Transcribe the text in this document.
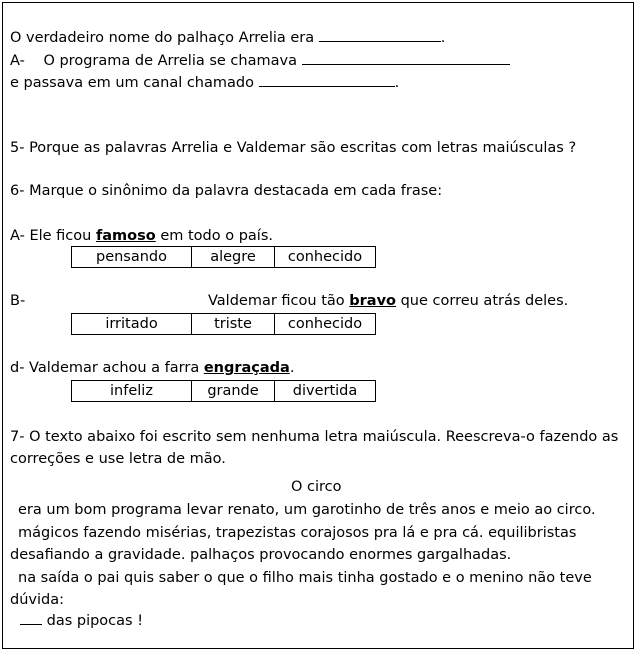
O verdadeiro nome do palhaço Arrelia era	.
A- O programa de Arrelia se chamava
e passava em um canal chamado	.
5- Porque as palavras Arrelia e Valdemar são escritas com letras maiúsculas ?
6- Marque o sinônimo da palavra destacada em cada frase:
A- Ele ficou famoso em todo o país.
pensando	alegre	conhecido
B-	Valdemar ficou tão bravo que correu atrás deles.
irritado	triste	conhecido
d- Valdemar achou a farra engraçada.
infeliz	grande	divertida
7- O texto abaixo foi escrito sem nenhuma letra maiúscula. Reescreva-o fazendo as
correções e use letra de mão.
O circo
era um bom programa levar renato, um garotinho de três anos e meio ao circo.
mágicos fazendo misérias, trapezistas corajosos pra lá e pra cá. equilibristas
desafiando a gravidade. palhaços provocando enormes gargalhadas.
na saída o pai quis saber o que o filho mais tinha gostado e o menino não teve
dúvida:
das pipocas !
